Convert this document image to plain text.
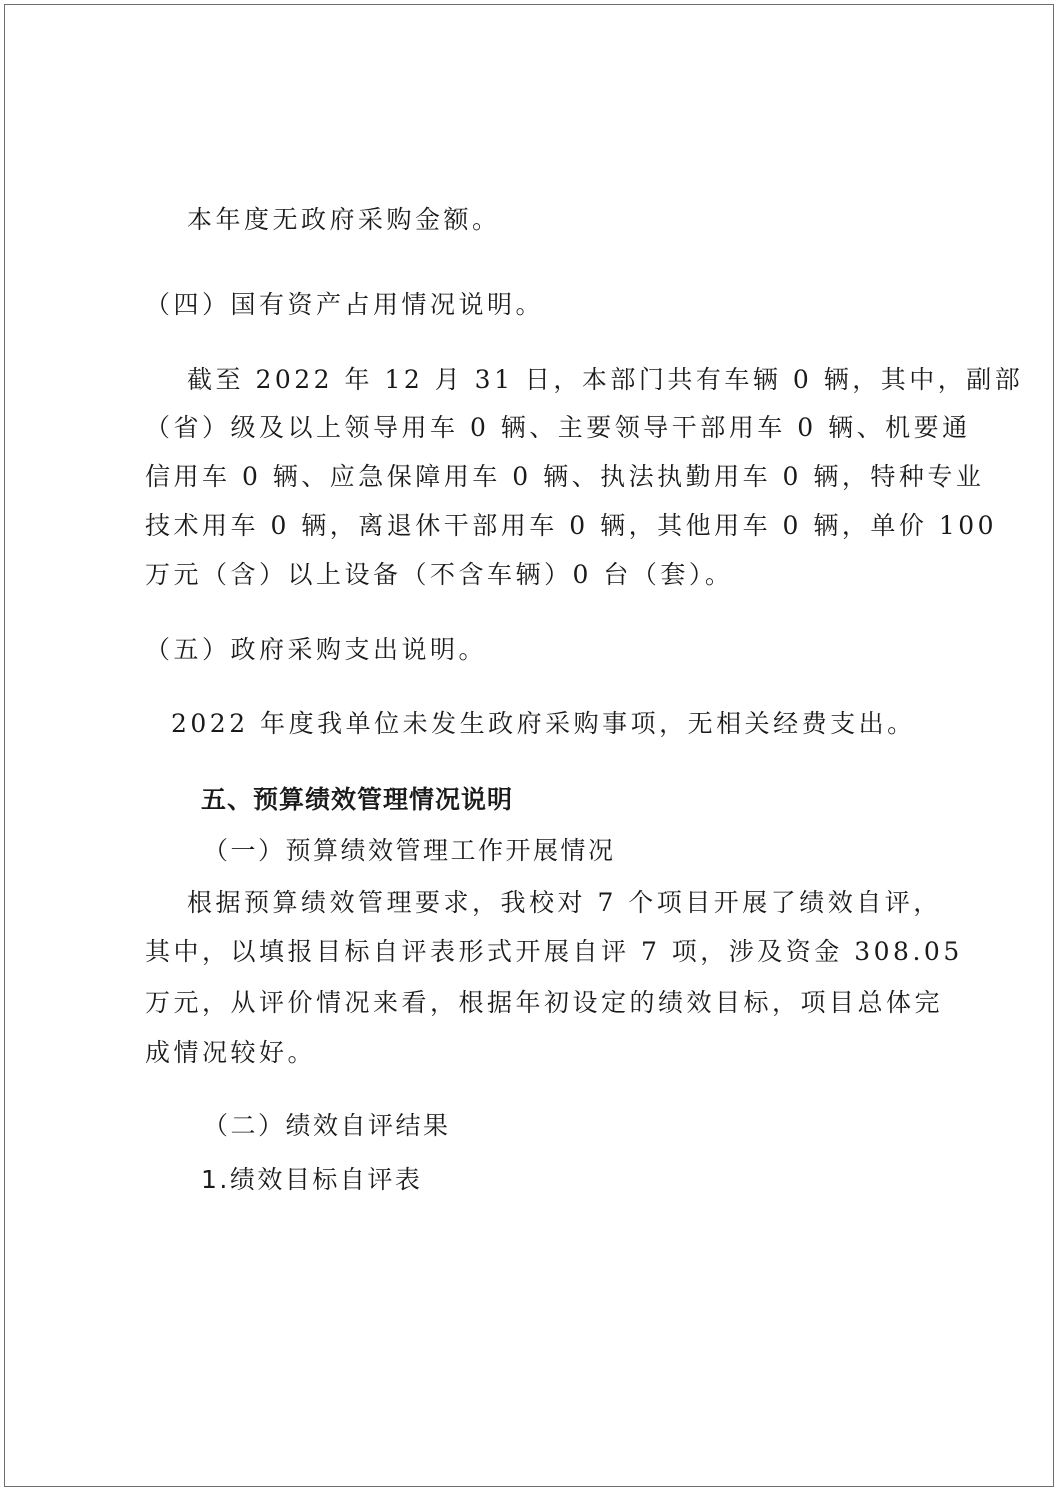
本年度无政府采购金额。

（四）国有资产占用情况说明。

截至 2022 年 12 月 31 日，本部门共有车辆 0 辆，其中，副部

（省）级及以上领导用车 0 辆、主要领导干部用车 0 辆、机要通

信用车 0 辆、应急保障用车 0 辆、执法执勤用车 0 辆，特种专业

技术用车 0 辆，离退休干部用车 0 辆，其他用车 0 辆，单价 100

万元（含）以上设备（不含车辆）0 台（套）。

（五）政府采购支出说明。

2022 年度我单位未发生政府采购事项，无相关经费支出。

五、预算绩效管理情况说明

（一）预算绩效管理工作开展情况

根据预算绩效管理要求，我校对 7 个项目开展了绩效自评，

其中，以填报目标自评表形式开展自评 7 项，涉及资金 308.05

万元，从评价情况来看，根据年初设定的绩效目标，项目总体完

成情况较好。

（二）绩效自评结果

1.绩效目标自评表
